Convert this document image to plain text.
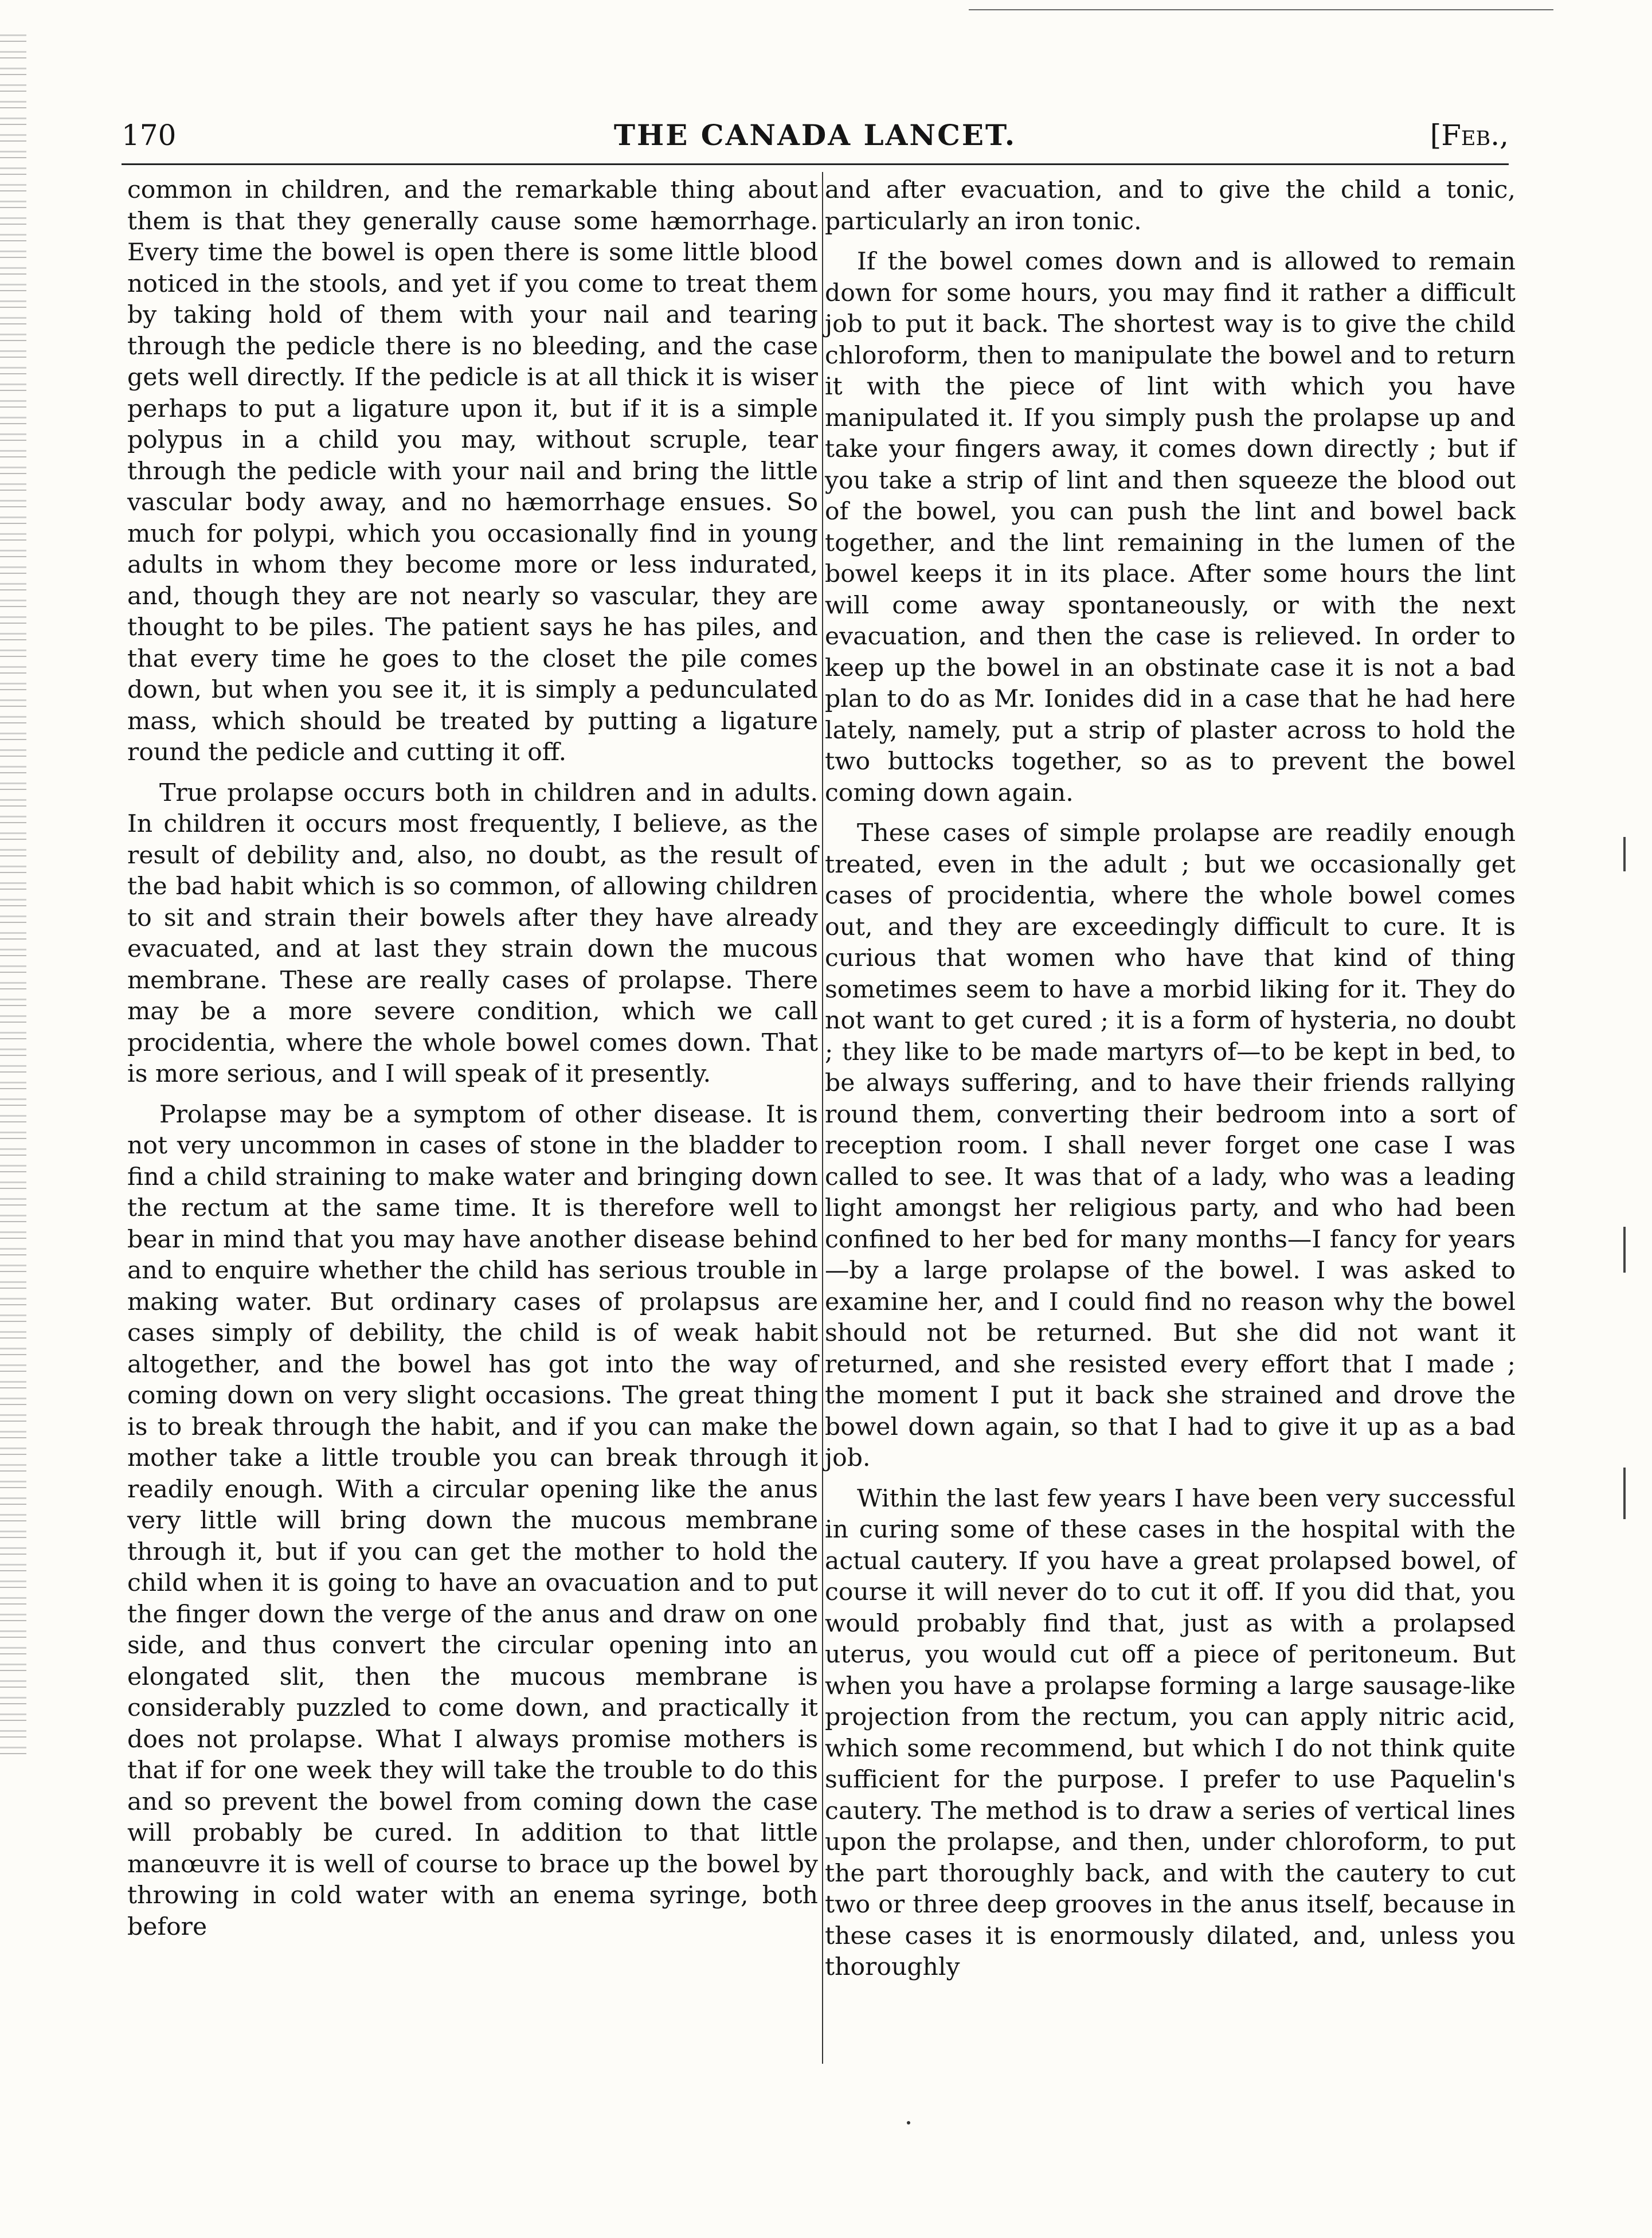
170	THE CANADA LANCET.	[Feb.,

common in children, and the remarkable thing about them is that they generally cause some hæmorrhage. Every time the bowel is open there is some little blood noticed in the stools, and yet if you come to treat them by taking hold of them with your nail and tearing through the pedicle there is no bleeding, and the case gets well directly. If the pedicle is at all thick it is wiser perhaps to put a ligature upon it, but if it is a simple polypus in a child you may, without scruple, tear through the pedicle with your nail and bring the little vascular body away, and no hæmorrhage ensues. So much for polypi, which you occasionally find in young adults in whom they become more or less indurated, and, though they are not nearly so vascular, they are thought to be piles. The patient says he has piles, and that every time he goes to the closet the pile comes down, but when you see it, it is simply a pedunculated mass, which should be treated by putting a ligature round the pedicle and cutting it off.

True prolapse occurs both in children and in adults. In children it occurs most frequently, I believe, as the result of debility and, also, no doubt, as the result of the bad habit which is so common, of allowing children to sit and strain their bowels after they have already evacuated, and at last they strain down the mucous membrane. These are really cases of prolapse. There may be a more severe condition, which we call procidentia, where the whole bowel comes down. That is more serious, and I will speak of it presently.

Prolapse may be a symptom of other disease. It is not very uncommon in cases of stone in the bladder to find a child straining to make water and bringing down the rectum at the same time. It is therefore well to bear in mind that you may have another disease behind and to enquire whether the child has serious trouble in making water. But ordinary cases of prolapsus are cases simply of debility, the child is of weak habit altogether, and the bowel has got into the way of coming down on very slight occasions. The great thing is to break through the habit, and if you can make the mother take a little trouble you can break through it readily enough. With a circular opening like the anus very little will bring down the mucous membrane through it, but if you can get the mother to hold the child when it is going to have an ovacuation and to put the finger down the verge of the anus and draw on one side, and thus convert the circular opening into an elongated slit, then the mucous membrane is considerably puzzled to come down, and practically it does not prolapse. What I always promise mothers is that if for one week they will take the trouble to do this and so prevent the bowel from coming down the case will probably be cured. In addition to that little manœuvre it is well of course to brace up the bowel by throwing in cold water with an enema syringe, both before

and after evacuation, and to give the child a tonic, particularly an iron tonic.

If the bowel comes down and is allowed to remain down for some hours, you may find it rather a difficult job to put it back. The shortest way is to give the child chloroform, then to manipulate the bowel and to return it with the piece of lint with which you have manipulated it. If you simply push the prolapse up and take your fingers away, it comes down directly ; but if you take a strip of lint and then squeeze the blood out of the bowel, you can push the lint and bowel back together, and the lint remaining in the lumen of the bowel keeps it in its place. After some hours the lint will come away spontaneously, or with the next evacuation, and then the case is relieved. In order to keep up the bowel in an obstinate case it is not a bad plan to do as Mr. Ionides did in a case that he had here lately, namely, put a strip of plaster across to hold the two buttocks together, so as to prevent the bowel coming down again.

These cases of simple prolapse are readily enough treated, even in the adult ; but we occasionally get cases of procidentia, where the whole bowel comes out, and they are exceedingly difficult to cure. It is curious that women who have that kind of thing sometimes seem to have a morbid liking for it. They do not want to get cured ; it is a form of hysteria, no doubt ; they like to be made martyrs of—to be kept in bed, to be always suffering, and to have their friends rallying round them, converting their bedroom into a sort of reception room. I shall never forget one case I was called to see. It was that of a lady, who was a leading light amongst her religious party, and who had been confined to her bed for many months—I fancy for years—by a large prolapse of the bowel. I was asked to examine her, and I could find no reason why the bowel should not be returned. But she did not want it returned, and she resisted every effort that I made ; the moment I put it back she strained and drove the bowel down again, so that I had to give it up as a bad job.

Within the last few years I have been very successful in curing some of these cases in the hospital with the actual cautery. If you have a great prolapsed bowel, of course it will never do to cut it off. If you did that, you would probably find that, just as with a prolapsed uterus, you would cut off a piece of peritoneum. But when you have a prolapse forming a large sausage-like projection from the rectum, you can apply nitric acid, which some recommend, but which I do not think quite sufficient for the purpose. I prefer to use Paquelin's cautery. The method is to draw a series of vertical lines upon the prolapse, and then, under chloroform, to put the part thoroughly back, and with the cautery to cut two or three deep grooves in the anus itself, because in these cases it is enormously dilated, and, unless you thoroughly
